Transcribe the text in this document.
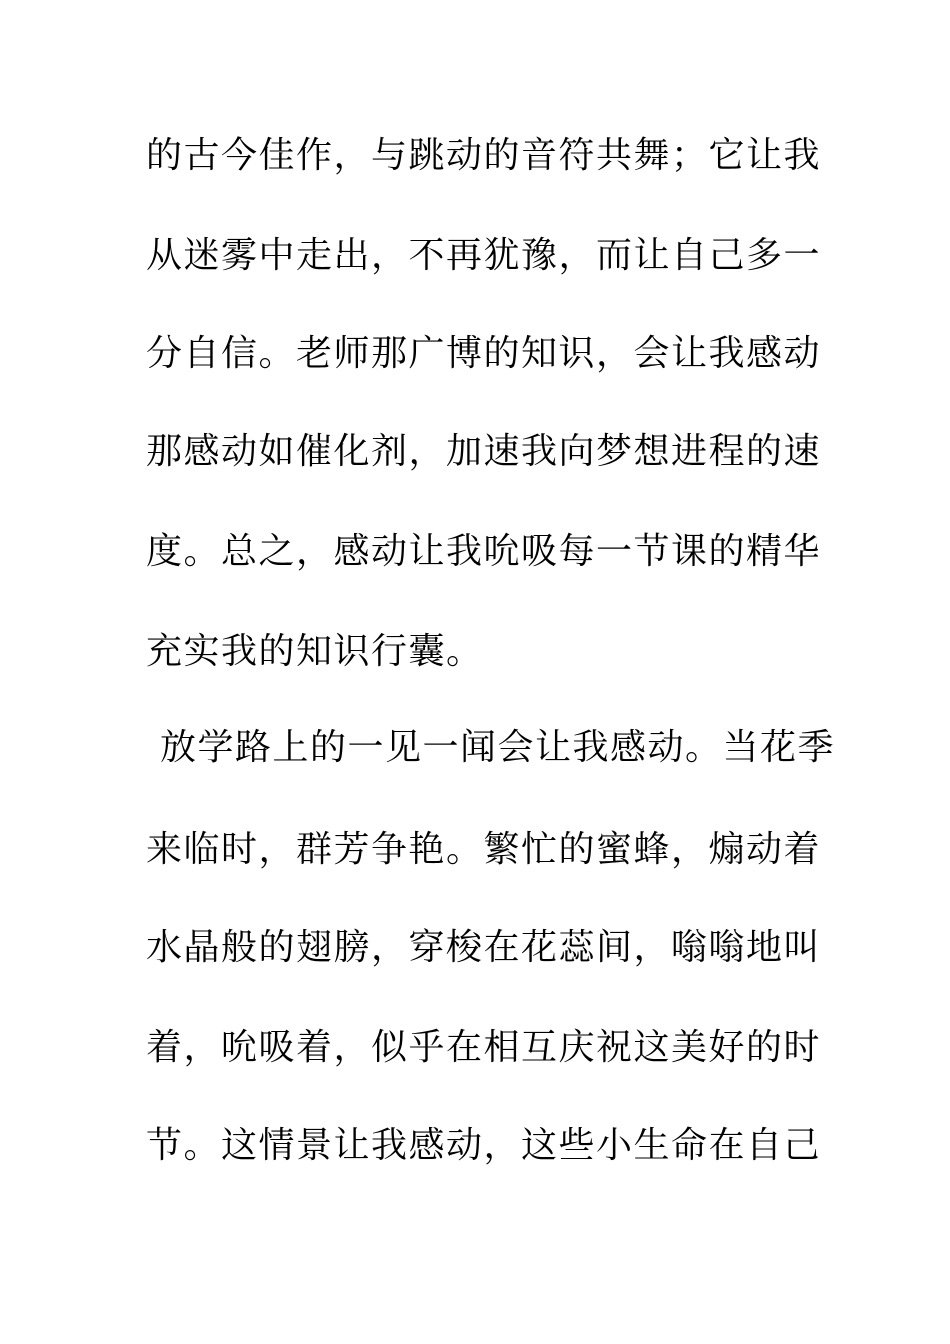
的古今佳作，与跳动的音符共舞；它让我
从迷雾中走出，不再犹豫，而让自己多一
分自信。老师那广博的知识，会让我感动
那感动如催化剂，加速我向梦想进程的速
度。总之，感动让我吮吸每一节课的精华
充实我的知识行囊。
放学路上的一见一闻会让我感动。当花季
来临时，群芳争艳。繁忙的蜜蜂，煽动着
水晶般的翅膀，穿梭在花蕊间，嗡嗡地叫
着，吮吸着，似乎在相互庆祝这美好的时
节。这情景让我感动，这些小生命在自己
